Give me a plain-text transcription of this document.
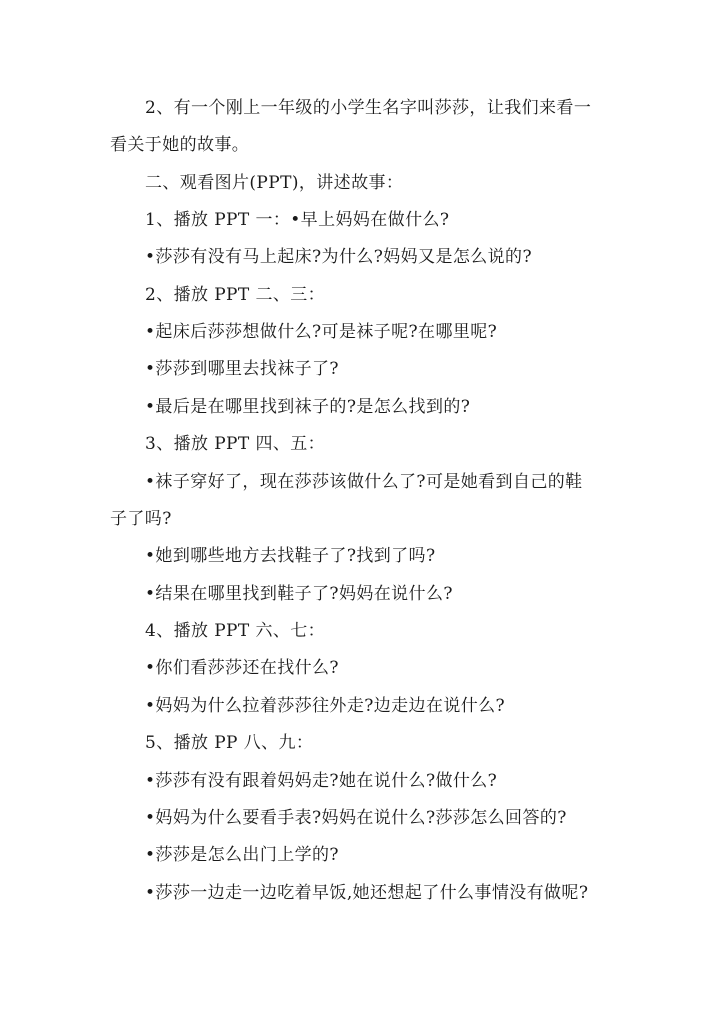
2、有一个刚上一年级的小学生名字叫莎莎，让我们来看一
看关于她的故事。
二、观看图片(PPT)，讲述故事：
1、播放 PPT 一：•早上妈妈在做什么?
•莎莎有没有马上起床?为什么?妈妈又是怎么说的?
2、播放 PPT 二、三：
•起床后莎莎想做什么?可是袜子呢?在哪里呢?
•莎莎到哪里去找袜子了?
•最后是在哪里找到袜子的?是怎么找到的?
3、播放 PPT 四、五：
•袜子穿好了，现在莎莎该做什么了?可是她看到自己的鞋
子了吗?
•她到哪些地方去找鞋子了?找到了吗?
•结果在哪里找到鞋子了?妈妈在说什么?
4、播放 PPT 六、七：
•你们看莎莎还在找什么?
•妈妈为什么拉着莎莎往外走?边走边在说什么?
5、播放 PP 八、九：
•莎莎有没有跟着妈妈走?她在说什么?做什么?
•妈妈为什么要看手表?妈妈在说什么?莎莎怎么回答的?
•莎莎是怎么出门上学的?
•莎莎一边走一边吃着早饭,她还想起了什么事情没有做呢?
